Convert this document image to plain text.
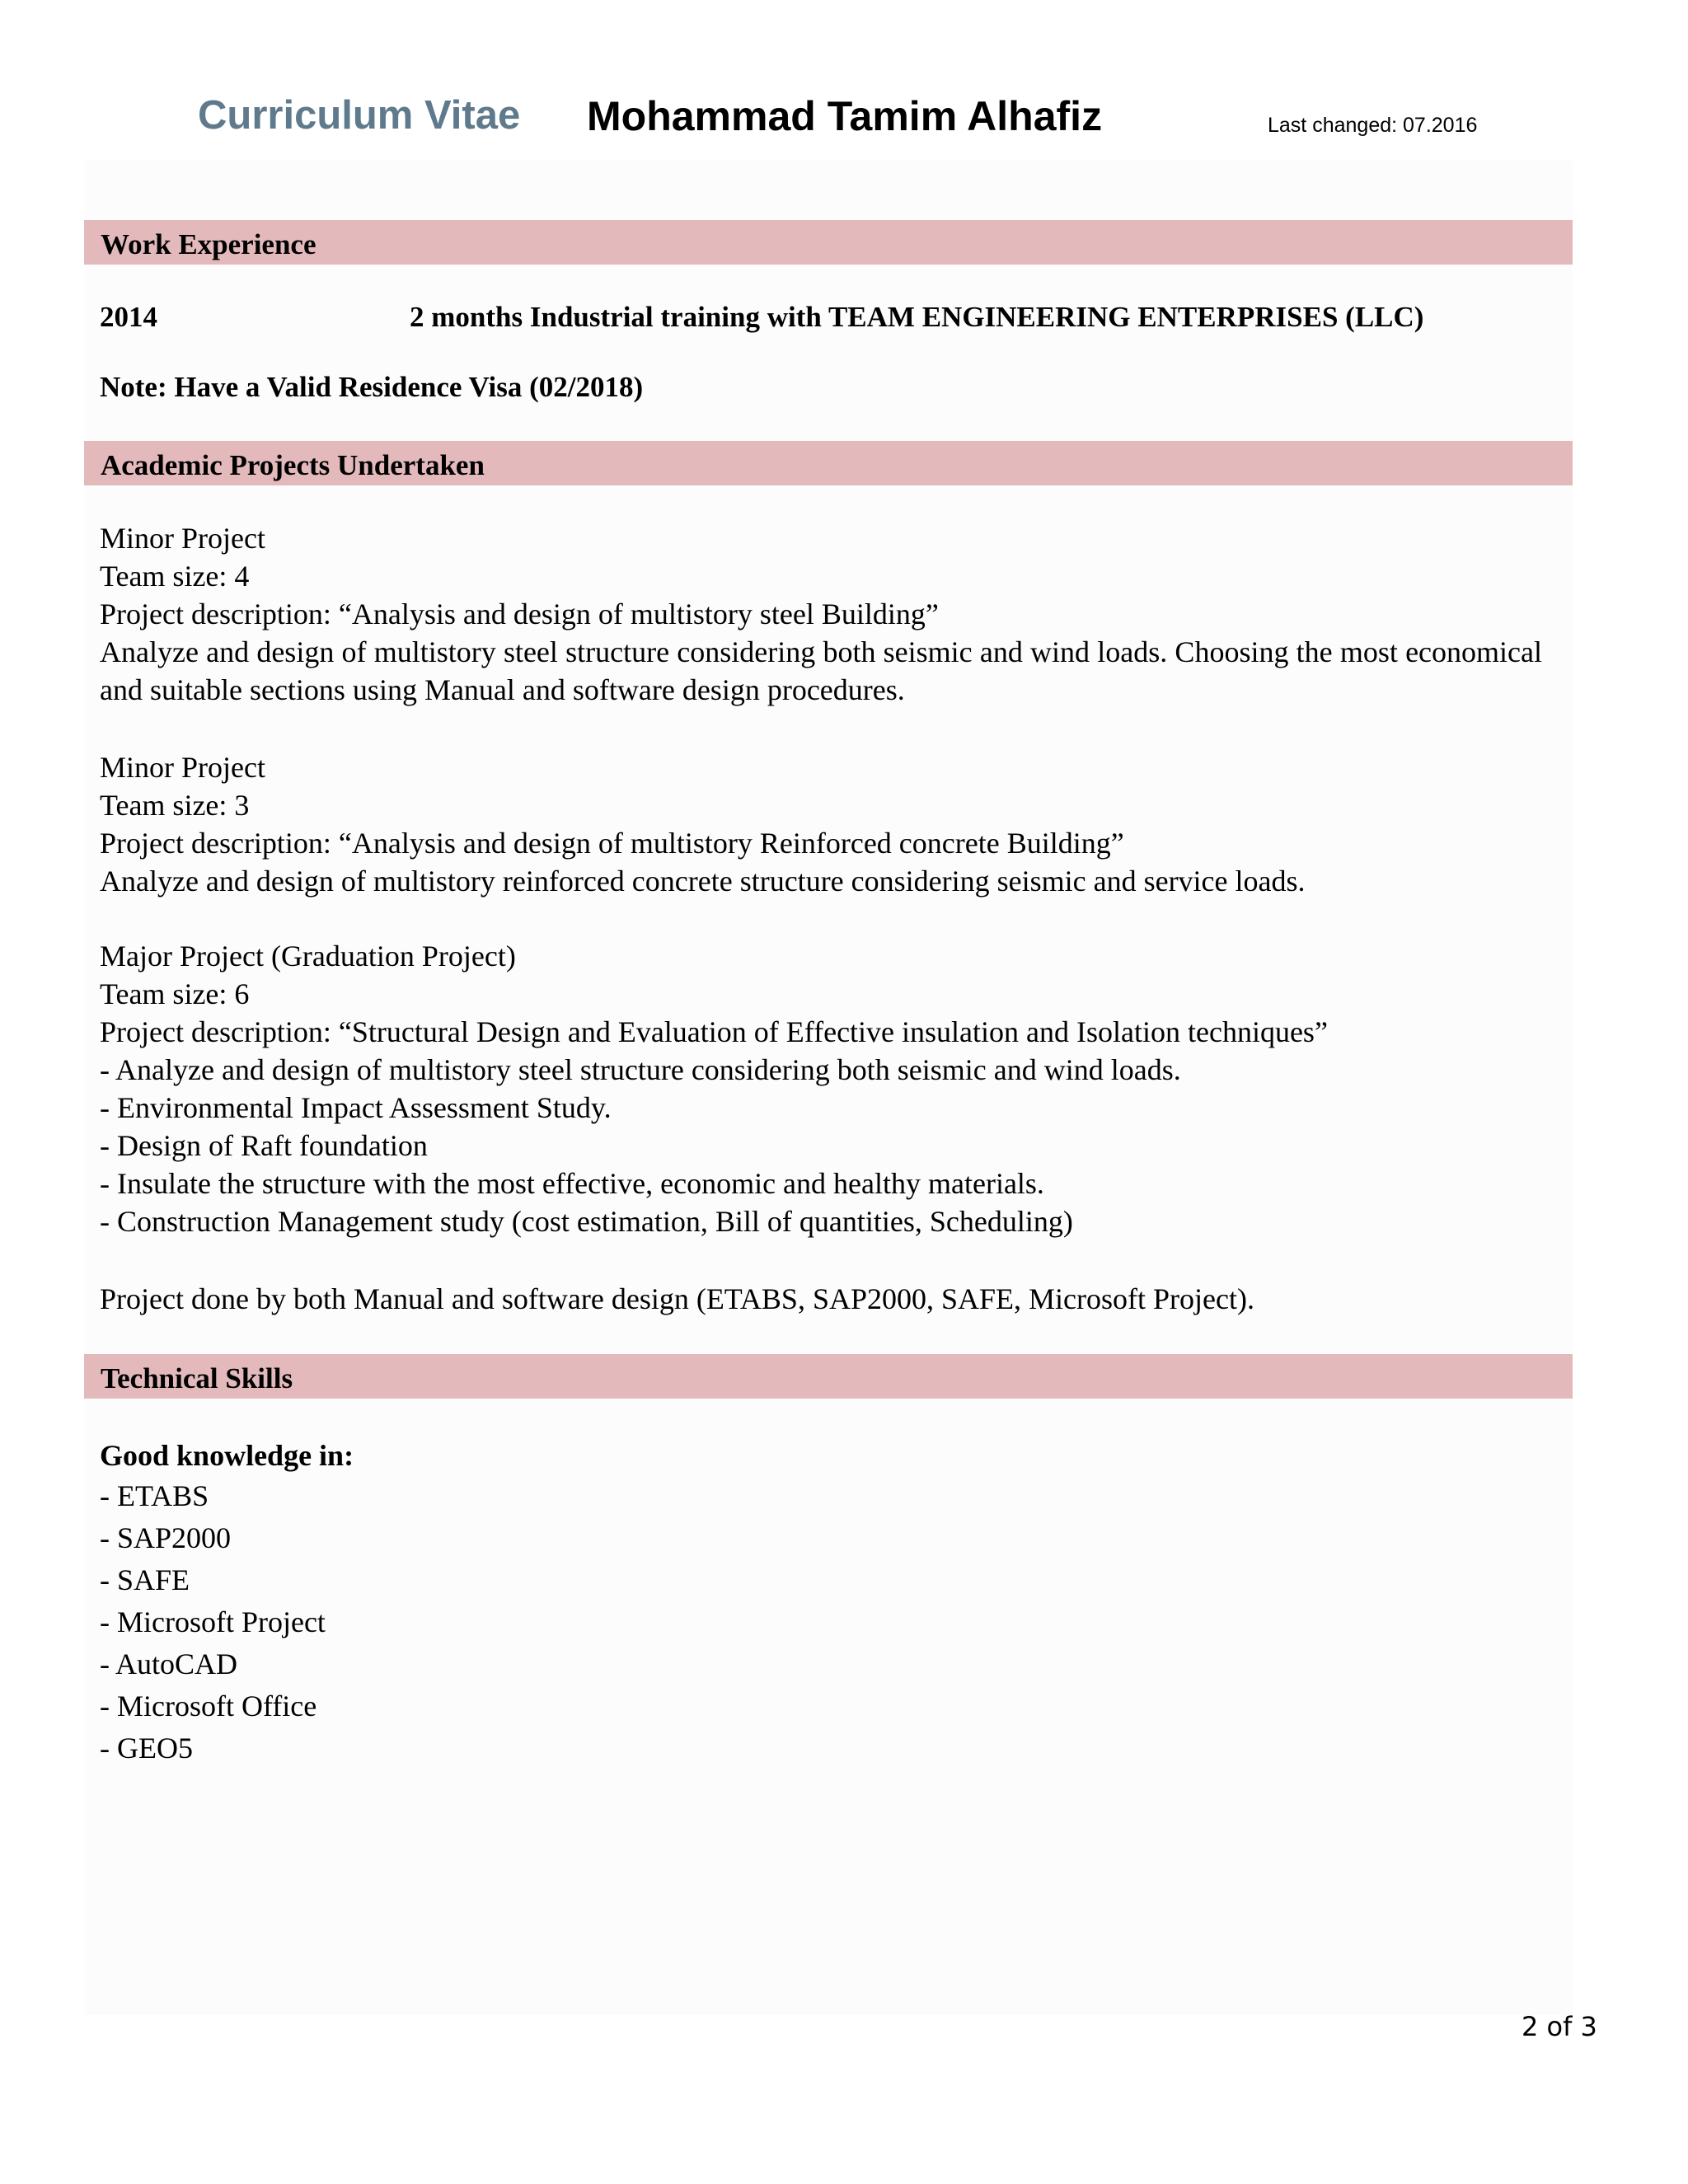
Curriculum Vitae Mohammad Tamim Alhafiz	Last changed: 07.2016
Work Experience
2014	2 months Industrial training with TEAM ENGINEERING ENTERPRISES (LLC)
Note: Have a Valid Residence Visa (02/2018)
Academic Projects Undertaken
Minor Project
Team size: 4
Project description: “Analysis and design of multistory steel Building”
Analyze and design of multistory steel structure considering both seismic and wind loads. Choosing the most economical and suitable sections using Manual and software design procedures.
Minor Project
Team size: 3
Project description: “Analysis and design of multistory Reinforced concrete Building”
Analyze and design of multistory reinforced concrete structure considering seismic and service loads.
Major Project (Graduation Project)
Team size: 6
Project description: “Structural Design and Evaluation of Effective insulation and Isolation techniques”
- Analyze and design of multistory steel structure considering both seismic and wind loads.
- Environmental Impact Assessment Study.
- Design of Raft foundation
- Insulate the structure with the most effective, economic and healthy materials.
- Construction Management study (cost estimation, Bill of quantities, Scheduling)
Project done by both Manual and software design (ETABS, SAP2000, SAFE, Microsoft Project).
Technical Skills
Good knowledge in:
- ETABS
- SAP2000
- SAFE
- Microsoft Project
- AutoCAD
- Microsoft Office
- GEO5
2 of 3
